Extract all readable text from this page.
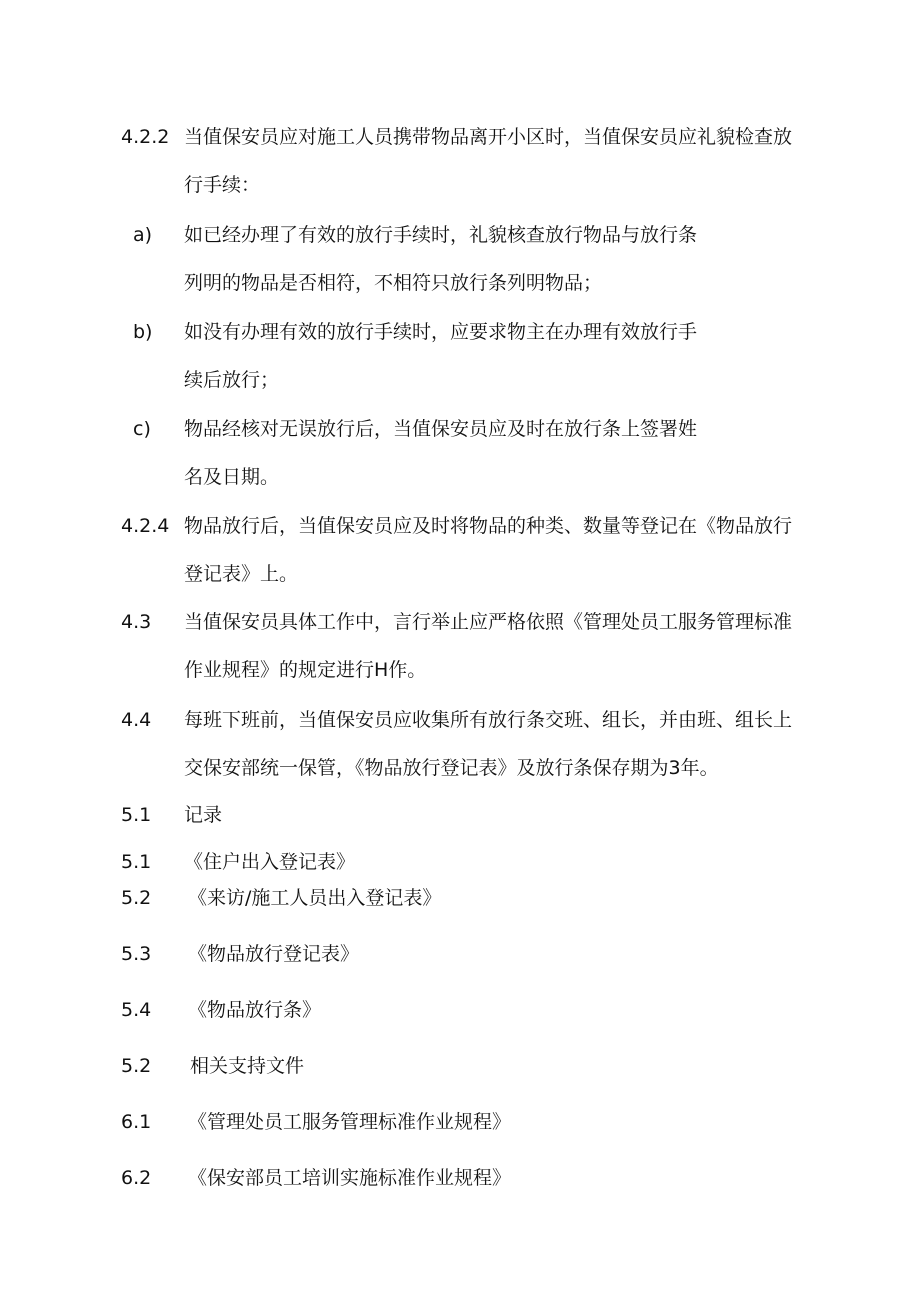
4.2.2 当值保安员应对施工人员携带物品离开小区时，当值保安员应礼貌检查放
行手续：
a) 如已经办理了有效的放行手续时，礼貌核查放行物品与放行条
列明的物品是否相符，不相符只放行条列明物品；
b) 如没有办理有效的放行手续时，应要求物主在办理有效放行手
续后放行；
c) 物品经核对无误放行后，当值保安员应及时在放行条上签署姓
名及日期。
4.2.4 物品放行后，当值保安员应及时将物品的种类、数量等登记在《物品放行
登记表》上。
4.3 当值保安员具体工作中，言行举止应严格依照《管理处员工服务管理标准
作业规程》的规定进行H作。
4.4 每班下班前，当值保安员应收集所有放行条交班、组长，并由班、组长上
交保安部统一保管，《物品放行登记表》及放行条保存期为3年。
5.1 记录
5.1 《住户出入登记表》
5.2 《来访/施工人员出入登记表》
5.3 《物品放行登记表》
5.4 《物品放行条》
5.2 相关支持文件
6.1 《管理处员工服务管理标准作业规程》
6.2 《保安部员工培训实施标准作业规程》
